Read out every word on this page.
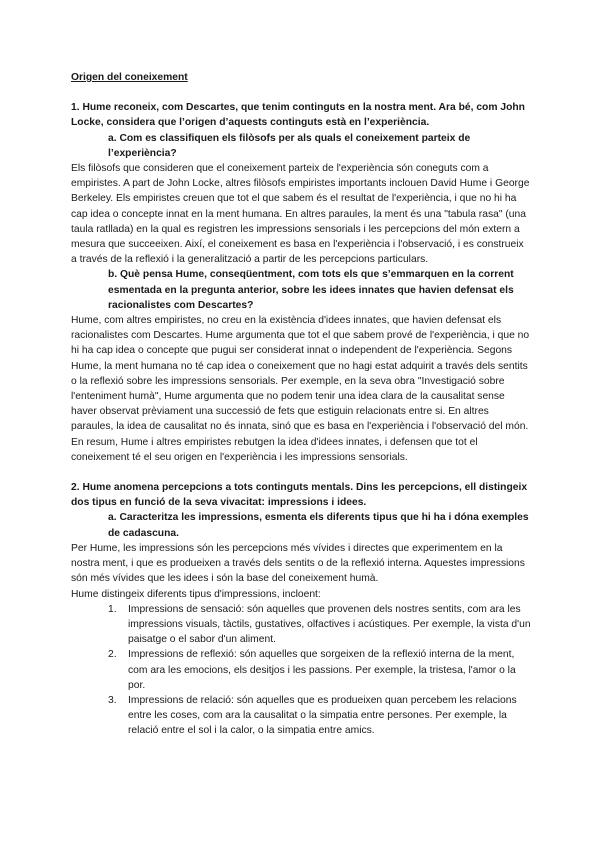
Origen del coneixement

1. Hume reconeix, com Descartes, que tenim continguts en la nostra ment. Ara bé, com John Locke, considera que l’origen d’aquests continguts està en l’experiència.

a. Com es classifiquen els filòsofs per als quals el coneixement parteix de l’experiència?

Els filòsofs que consideren que el coneixement parteix de l'experiència són coneguts com a empiristes. A part de John Locke, altres filòsofs empiristes importants inclouen David Hume i George Berkeley. Els empiristes creuen que tot el que sabem és el resultat de l'experiència, i que no hi ha cap idea o concepte innat en la ment humana. En altres paraules, la ment és una "tabula rasa" (una taula ratllada) en la qual es registren les impressions sensorials i les percepcions del món extern a mesura que succeeixen. Així, el coneixement es basa en l'experiència i l'observació, i es construeix a través de la reflexió i la generalització a partir de les percepcions particulars.

b. Què pensa Hume, conseqüentment, com tots els que s’emmarquen en la corrent esmentada en la pregunta anterior, sobre les idees innates que havien defensat els racionalistes com Descartes?

Hume, com altres empiristes, no creu en la existència d'idees innates, que havien defensat els racionalistes com Descartes. Hume argumenta que tot el que sabem prové de l'experiència, i que no hi ha cap idea o concepte que pugui ser considerat innat o independent de l'experiència. Segons Hume, la ment humana no té cap idea o coneixement que no hagi estat adquirit a través dels sentits o la reflexió sobre les impressions sensorials. Per exemple, en la seva obra "Investigació sobre l'enteniment humà", Hume argumenta que no podem tenir una idea clara de la causalitat sense haver observat prèviament una successió de fets que estiguin relacionats entre si. En altres paraules, la idea de causalitat no és innata, sinó que es basa en l'experiència i l'observació del món.

En resum, Hume i altres empiristes rebutgen la idea d'idees innates, i defensen que tot el coneixement té el seu origen en l'experiència i les impressions sensorials.

2. Hume anomena percepcions a tots continguts mentals. Dins les percepcions, ell distingeix dos tipus en funció de la seva vivacitat: impressions i idees.

a. Caracteritza les impressions, esmenta els diferents tipus que hi ha i dóna exemples de cadascuna.

Per Hume, les impressions són les percepcions més vívides i directes que experimentem en la nostra ment, i que es produeixen a través dels sentits o de la reflexió interna. Aquestes impressions són més vívides que les idees i són la base del coneixement humà.

Hume distingeix diferents tipus d'impressions, incloent:

1. Impressions de sensació: són aquelles que provenen dels nostres sentits, com ara les impressions visuals, tàctils, gustatives, olfactives i acústiques. Per exemple, la vista d'un paisatge o el sabor d'un aliment.
2. Impressions de reflexió: són aquelles que sorgeixen de la reflexió interna de la ment, com ara les emocions, els desitjos i les passions. Per exemple, la tristesa, l'amor o la por.
3. Impressions de relació: són aquelles que es produeixen quan percebem les relacions entre les coses, com ara la causalitat o la simpatia entre persones. Per exemple, la relació entre el sol i la calor, o la simpatia entre amics.
